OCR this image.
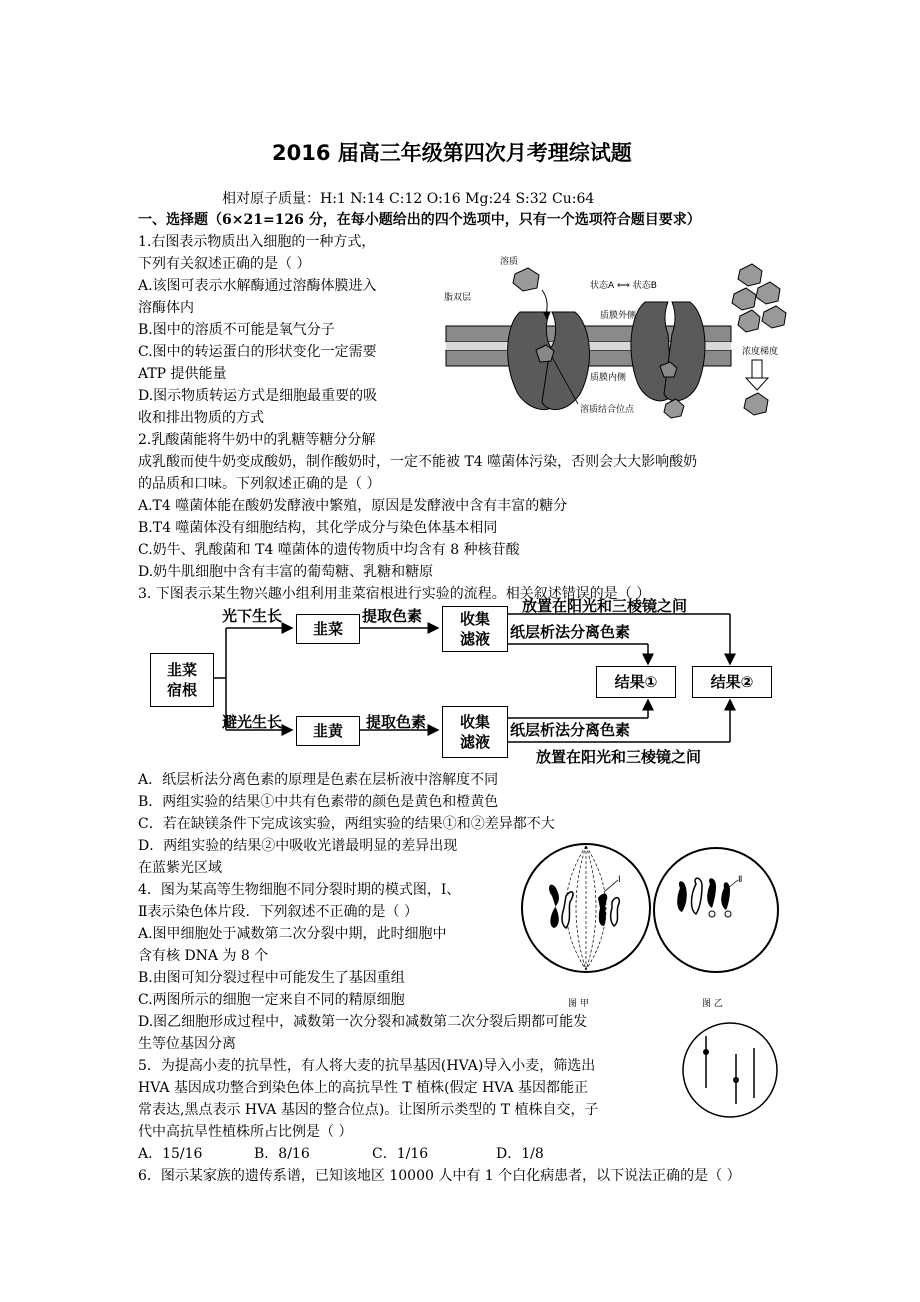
2016 届高三年级第四次月考理综试题
相对原子质量：H:1 N:14 C:12 O:16 Mg:24 S:32 Cu:64
一、选择题（6×21=126 分，在每小题给出的四个选项中，只有一个选项符合题目要求）
1.右图表示物质出入细胞的一种方式，
下列有关叙述正确的是（ ）
A.该图可表示水解酶通过溶酶体膜进入
溶酶体内
B.图中的溶质不可能是氧气分子
C.图中的转运蛋白的形状变化一定需要
ATP 提供能量
D.图示物质转运方式是细胞最重要的吸
收和排出物质的方式
溶质
脂双层
状态A ⟺ 状态B
质膜外侧
质膜内侧
溶质结合位点
浓度梯度
2.乳酸菌能将牛奶中的乳糖等糖分分解
成乳酸而使牛奶变成酸奶，制作酸奶时，一定不能被 T4 噬菌体污染，否则会大大影响酸奶
的品质和口味。下列叙述正确的是（ ）
A.T4 噬菌体能在酸奶发酵液中繁殖，原因是发酵液中含有丰富的糖分
B.T4 噬菌体没有细胞结构，其化学成分与染色体基本相同
C.奶牛、乳酸菌和 T4 噬菌体的遗传物质中均含有 8 种核苷酸
D.奶牛肌细胞中含有丰富的葡萄糖、乳糖和糖原
3. 下图表示某生物兴趣小组利用韭菜宿根进行实验的流程。相关叙述错误的是（ ）
韭菜
宿根
韭菜
韭黄
收集
滤液
收集
滤液
结果①	结果②
光下生长
避光生长
提取色素
提取色素
放置在阳光和三棱镜之间
纸层析法分离色素
纸层析法分离色素
放置在阳光和三棱镜之间
A．纸层析法分离色素的原理是色素在层析液中溶解度不同
B．两组实验的结果①中共有色素带的颜色是黄色和橙黄色
C．若在缺镁条件下完成该实验，两组实验的结果①和②差异都不大
D．两组实验的结果②中吸收光谱最明显的差异出现
在蓝紫光区域
4．图为某高等生物细胞不同分裂时期的模式图，Ⅰ、
Ⅱ表示染色体片段．下列叙述不正确的是（ ）
A.图甲细胞处于减数第二次分裂中期，此时细胞中
含有核 DNA 为 8 个
B.由图可知分裂过程中可能发生了基因重组
C.两图所示的细胞一定来自不同的精原细胞
D.图乙细胞形成过程中，减数第一次分裂和减数第二次分裂后期都可能发
生等位基因分离
Ⅰ
图 甲
Ⅱ
图 乙
5．为提高小麦的抗旱性，有人将大麦的抗旱基因(HVA)导入小麦，筛选出
HVA 基因成功整合到染色体上的高抗旱性 T 植株(假定 HVA 基因都能正
常表达,黑点表示 HVA 基因的整合位点)。让图所示类型的 T 植株自交，子
代中高抗旱性植株所占比例是（ ）
A．15/16	B．8/16	C．1/16	D．1/8
6．图示某家族的遗传系谱，已知该地区 10000 人中有 1 个白化病患者，以下说法正确的是（ ）
